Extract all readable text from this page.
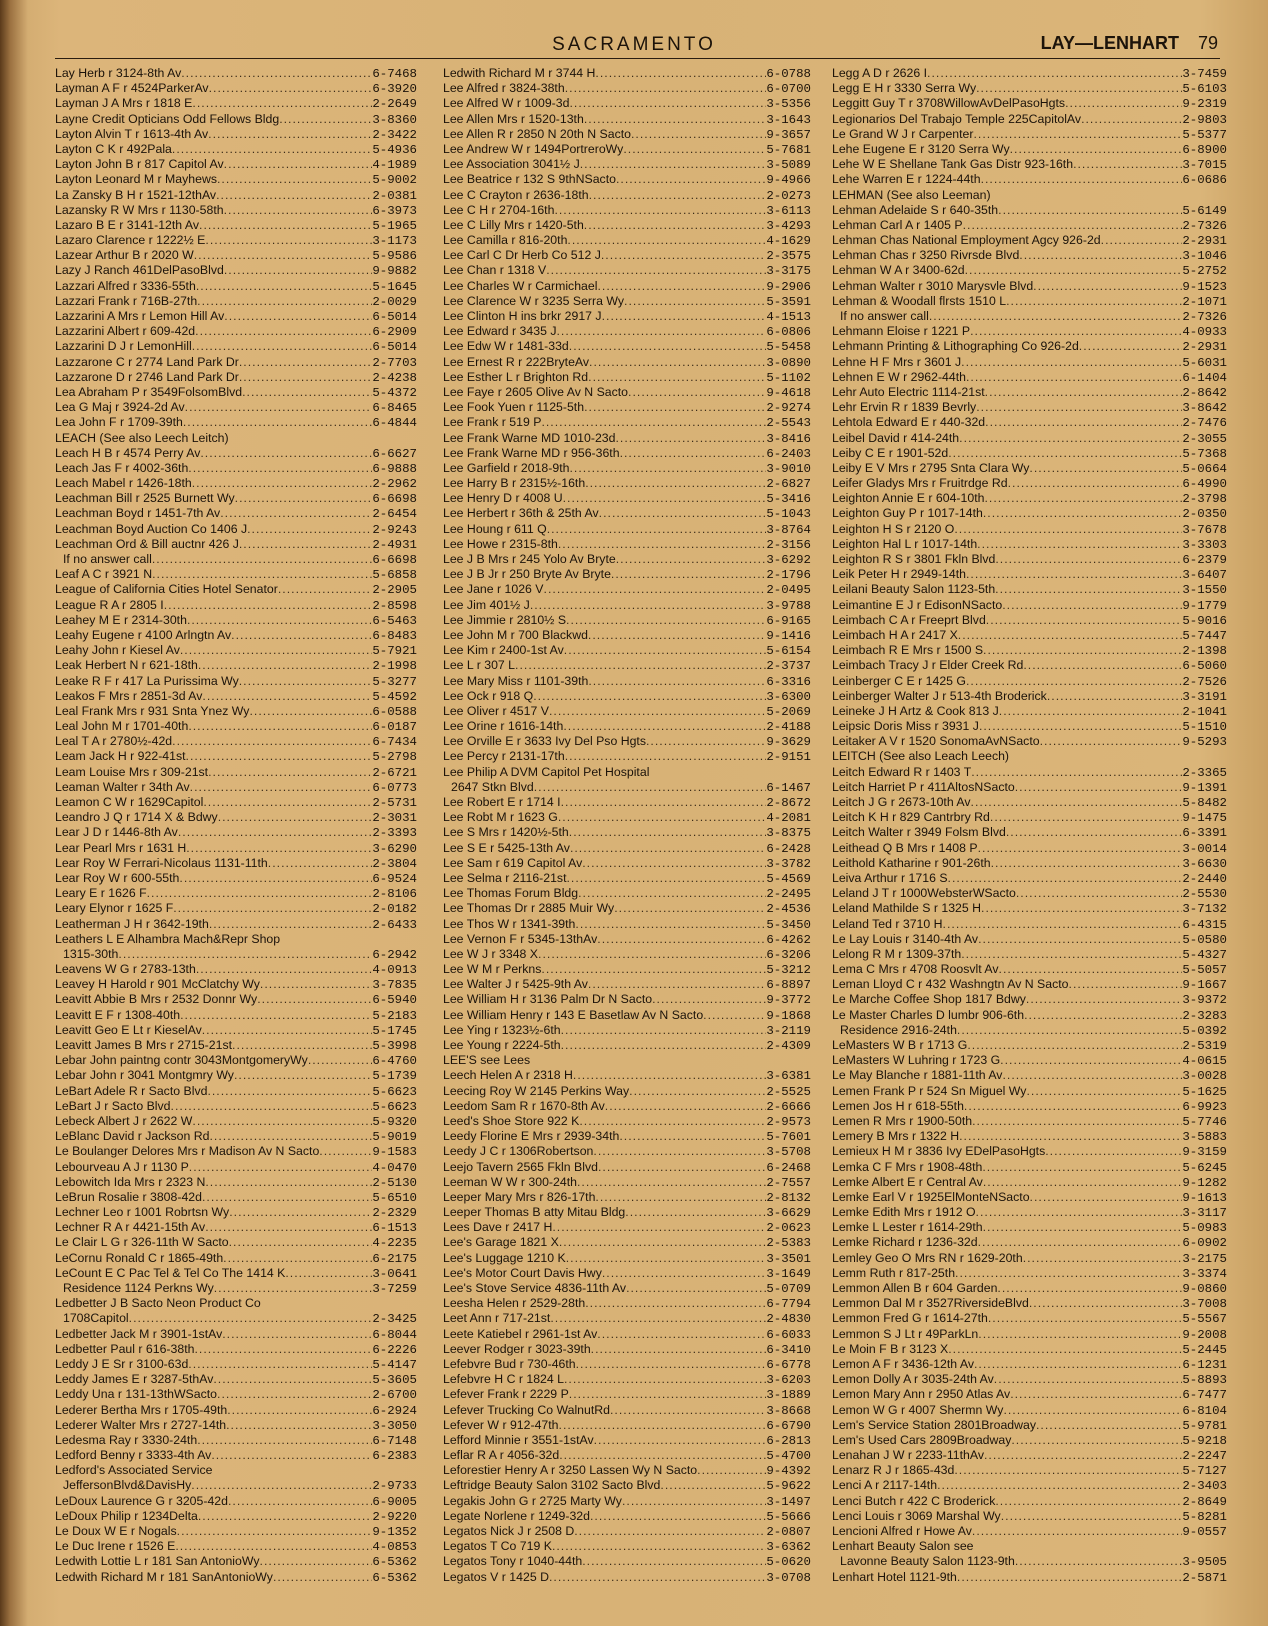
SACRAMENTO	LAY—LENHART 79
Lay Herb r 3124-8th Av . . .	6-7468
Layman A F r 4524ParkerAv . . .	6-3920
Layman J A Mrs r 1818 E . . .	2-2649
Layne Credit Opticians Odd Fellows Bldg . . .	3-8360
Layton Alvin T r 1613-4th Av . . .	2-3422
Layton C K r 492Pala . . .	5-4936
Layton John B r 817 Capitol Av . . .	4-1989
Layton Leonard M r Mayhews . . .	5-9002
La Zansky B H r 1521-12thAv . . .	2-0381
Lazansky R W Mrs r 1130-58th . . .	6-3973
Lazaro B E r 3141-12th Av . . .	5-1965
Lazaro Clarence r 1222½ E . . .	3-1173
Lazear Arthur B r 2020 W . . .	5-9586
Lazy J Ranch 461DelPasoBlvd . . .	9-9882
Lazzari Alfred r 3336-55th . . .	5-1645
Lazzari Frank r 716B-27th . . .	2-0029
Lazzarini A Mrs r Lemon Hill Av . . .	6-5014
Lazzarini Albert r 609-42d . . .	6-2909
Lazzarini D J r LemonHill . . .	6-5014
Lazzarone C r 2774 Land Park Dr . . .	2-7703
Lazzarone D r 2746 Land Park Dr . . .	2-4238
Lea Abraham P r 3549FolsomBlvd . . .	5-4372
Lea G Maj r 3924-2d Av . . .	6-8465
Lea John F r 1709-39th . . .	6-4844
LEACH (See also Leech Leitch)
Leach H B r 4574 Perry Av . . .	6-6627
Leach Jas F r 4002-36th . . .	6-9888
Leach Mabel r 1426-18th . . .	2-2962
Leachman Bill r 2525 Burnett Wy . . .	6-6698
Leachman Boyd r 1451-7th Av . . .	2-6454
Leachman Boyd Auction Co 1406 J . . .	2-9243
Leachman Ord & Bill auctnr 426 J . . .	2-4931
If no answer call . . .	6-6698
Leaf A C r 3921 N . . .	5-6858
League of California Cities Hotel Senator . . .	2-2905
League R A r 2805 I . . .	2-8598
Leahey M E r 2314-30th . . .	6-5463
Leahy Eugene r 4100 Arlngtn Av . . .	6-8483
Leahy John r Kiesel Av . . .	5-7921
Leak Herbert N r 621-18th . . .	2-1998
Leake R F r 417 La Purissima Wy . . .	5-3277
Leakos F Mrs r 2851-3d Av . . .	5-4592
Leal Frank Mrs r 931 Snta Ynez Wy . . .	6-0588
Leal John M r 1701-40th . . .	6-0187
Leal T A r 2780½-42d . . .	6-7434
Leam Jack H r 922-41st . . .	5-2798
Leam Louise Mrs r 309-21st . . .	2-6721
Leaman Walter r 34th Av . . .	6-0773
Leamon C W r 1629Capitol . . .	2-5731
Leandro J Q r 1714 X & Bdwy . . .	2-3031
Lear J D r 1446-8th Av . . .	2-3393
Lear Pearl Mrs r 1631 H . . .	3-6290
Lear Roy W Ferrari-Nicolaus 1131-11th . . .	2-3804
Lear Roy W r 600-55th . . .	6-9524
Leary E r 1626 F . . .	2-8106
Leary Elynor r 1625 F . . .	2-0182
Leatherman J H r 3642-19th . . .	2-6433
Leathers L E Alhambra Mach&Repr Shop
1315-30th . . .	6-2942
Leavens W G r 2783-13th . . .	4-0913
Leavey H Harold r 901 McClatchy Wy . . .	3-7835
Leavitt Abbie B Mrs r 2532 Donnr Wy . . .	6-5940
Leavitt E F r 1308-40th . . .	5-2183
Leavitt Geo E Lt r KieselAv . . .	5-1745
Leavitt James B Mrs r 2715-21st . . .	5-3998
Lebar John paintng contr 3043MontgomeryWy . . .	6-4760
Lebar John r 3041 Montgmry Wy . . .	5-1739
LeBart Adele R r Sacto Blvd . . .	5-6623
LeBart J r Sacto Blvd . . .	5-6623
Lebeck Albert J r 2622 W . . .	5-9320
LeBlanc David r Jackson Rd . . .	5-9019
Le Boulanger Delores Mrs r Madison Av N Sacto . . .	9-1583
Lebourveau A J r 1130 P . . .	4-0470
Lebowitch Ida Mrs r 2323 N . . .	2-5130
LeBrun Rosalie r 3808-42d . . .	5-6510
Lechner Leo r 1001 Robrtsn Wy . . .	2-2329
Lechner R A r 4421-15th Av . . .	6-1513
Le Clair L G r 326-11th W Sacto . . .	4-2235
LeCornu Ronald C r 1865-49th . . .	6-2175
LeCount E C Pac Tel & Tel Co The 1414 K . . .	3-0641
Residence 1124 Perkns Wy . . .	3-7259
Ledbetter J B Sacto Neon Product Co
1708Capitol . . .	2-3425
Ledbetter Jack M r 3901-1stAv . . .	6-8044
Ledbetter Paul r 616-38th . . .	6-2226
Leddy J E Sr r 3100-63d . . .	5-4147
Leddy James E r 3287-5thAv . . .	5-3605
Leddy Una r 131-13thWSacto . . .	2-6700
Lederer Bertha Mrs r 1705-49th . . .	6-2924
Lederer Walter Mrs r 2727-14th . . .	3-3050
Ledesma Ray r 3330-24th . . .	6-7148
Ledford Benny r 3333-4th Av . . .	6-2383
Ledford's Associated Service
JeffersonBlvd&DavisHy . . .	2-9733
LeDoux Laurence G r 3205-42d . . .	6-9005
LeDoux Philip r 1234Delta . . .	2-9220
Le Doux W E r Nogals . . .	9-1352
Le Duc Irene r 1526 E . . .	4-0853
Ledwith Lottie L r 181 San AntonioWy . . .	6-5362
Ledwith Richard M r 181 SanAntonioWy . . .	6-5362
Ledwith Richard M r 3744 H . . .	6-0788
Lee Alfred r 3824-38th . . .	6-0700
Lee Alfred W r 1009-3d . . .	3-5356
Lee Allen Mrs r 1520-13th . . .	3-1643
Lee Allen R r 2850 N 20th N Sacto . . .	9-3657
Lee Andrew W r 1494PortreroWy . . .	5-7681
Lee Association 3041½ J . . .	3-5089
Lee Beatrice r 132 S 9thNSacto . . .	9-4966
Lee C Crayton r 2636-18th . . .	2-0273
Lee C H r 2704-16th . . .	3-6113
Lee C Lilly Mrs r 1420-5th . . .	3-4293
Lee Camilla r 816-20th . . .	4-1629
Lee Carl C Dr Herb Co 512 J . . .	2-3575
Lee Chan r 1318 V . . .	3-3175
Lee Charles W r Carmichael . . .	9-2906
Lee Clarence W r 3235 Serra Wy . . .	5-3591
Lee Clinton H ins brkr 2917 J . . .	4-1513
Lee Edward r 3435 J . . .	6-0806
Lee Edw W r 1481-33d . . .	5-5458
Lee Ernest R r 222BryteAv . . .	3-0890
Lee Esther L r Brighton Rd . . .	5-1102
Lee Faye r 2605 Olive Av N Sacto . . .	9-4618
Lee Fook Yuen r 1125-5th . . .	2-9274
Lee Frank r 519 P . . .	2-5543
Lee Frank Warne MD 1010-23d . . .	3-8416
Lee Frank Warne MD r 956-36th . . .	6-2403
Lee Garfield r 2018-9th . . .	3-9010
Lee Harry B r 2315½-16th . . .	2-6827
Lee Henry D r 4008 U . . .	5-3416
Lee Herbert r 36th & 25th Av . . .	5-1043
Lee Houng r 611 Q . . .	3-8764
Lee Howe r 2315-8th . . .	2-3156
Lee J B Mrs r 245 Yolo Av Bryte . . .	3-6292
Lee J B Jr r 250 Bryte Av Bryte . . .	2-1796
Lee Jane r 1026 V . . .	2-0495
Lee Jim 401½ J . . .	3-9788
Lee Jimmie r 2810½ S . . .	6-9165
Lee John M r 700 Blackwd . . .	9-1416
Lee Kim r 2400-1st Av . . .	5-6154
Lee L r 307 L . . .	2-3737
Lee Mary Miss r 1101-39th . . .	6-3316
Lee Ock r 918 Q . . .	3-6300
Lee Oliver r 4517 V . . .	5-2069
Lee Orine r 1616-14th . . .	2-4188
Lee Orville E r 3633 Ivy Del Pso Hgts . . .	9-3629
Lee Percy r 2131-17th . . .	2-9151
Lee Philip A DVM Capitol Pet Hospital
2647 Stkn Blvd . . .	6-1467
Lee Robert E r 1714 I . . .	2-8672
Lee Robt M r 1623 G . . .	4-2081
Lee S Mrs r 1420½-5th . . .	3-8375
Lee S E r 5425-13th Av . . .	6-2428
Lee Sam r 619 Capitol Av . . .	3-3782
Lee Selma r 2116-21st . . .	5-4569
Lee Thomas Forum Bldg . . .	2-2495
Lee Thomas Dr r 2885 Muir Wy . . .	2-4536
Lee Thos W r 1341-39th . . .	5-3450
Lee Vernon F r 5345-13thAv . . .	6-4262
Lee W J r 3348 X . . .	6-3206
Lee W M r Perkns . . .	5-3212
Lee Walter J r 5425-9th Av . . .	6-8897
Lee William H r 3136 Palm Dr N Sacto . . .	9-3772
Lee William Henry r 143 E Basetlaw Av N Sacto . . .	9-1868
Lee Ying r 1323½-6th . . .	3-2119
Lee Young r 2224-5th . . .	2-4309
LEE'S see Lees
Leech Helen A r 2318 H . . .	3-6381
Leecing Roy W 2145 Perkins Way . . .	2-5525
Leedom Sam R r 1670-8th Av . . .	2-6666
Leed's Shoe Store 922 K . . .	2-9573
Leedy Florine E Mrs r 2939-34th . . .	5-7601
Leedy J C r 1306Robertson . . .	3-5708
Leejo Tavern 2565 Fkln Blvd . . .	6-2468
Leeman W W r 300-24th . . .	2-7557
Leeper Mary Mrs r 826-17th . . .	2-8132
Leeper Thomas B atty Mitau Bldg . . .	3-6629
Lees Dave r 2417 H . . .	2-0623
Lee's Garage 1821 X . . .	2-5383
Lee's Luggage 1210 K . . .	3-3501
Lee's Motor Court Davis Hwy . . .	3-1649
Lee's Stove Service 4836-11th Av . . .	5-0709
Leesha Helen r 2529-28th . . .	6-7794
Leet Ann r 717-21st . . .	2-4830
Leete Katiebel r 2961-1st Av . . .	6-6033
Leever Rodger r 3023-39th . . .	6-3410
Lefebvre Bud r 730-46th . . .	6-6778
Lefebvre H C r 1824 L . . .	3-6203
Lefever Frank r 2229 P . . .	3-1889
Lefever Trucking Co WalnutRd . . .	3-8668
Lefever W r 912-47th . . .	6-6790
Lefford Minnie r 3551-1stAv . . .	6-2813
Leflar R A r 4056-32d . . .	5-4700
Leforestier Henry A r 3250 Lassen Wy N Sacto . . .	9-4392
Leftridge Beauty Salon 3102 Sacto Blvd . . .	5-9622
Legakis John G r 2725 Marty Wy . . .	3-1497
Legate Norlene r 1249-32d . . .	5-5666
Legatos Nick J r 2508 D . . .	2-0807
Legatos T Co 719 K . . .	3-6362
Legatos Tony r 1040-44th . . .	5-0620
Legatos V r 1425 D . . .	3-0708
Legg A D r 2626 I . . .	3-7459
Legg E H r 3330 Serra Wy . . .	5-6103
Leggitt Guy T r 3708WillowAvDelPasoHgts . . .	9-2319
Legionarios Del Trabajo Temple 225CapitolAv . . .	2-9803
Le Grand W J r Carpenter . . .	5-5377
Lehe Eugene E r 3120 Serra Wy . . .	6-8900
Lehe W E Shellane Tank Gas Distr 923-16th . . .	3-7015
Lehe Warren E r 1224-44th . . .	6-0686
LEHMAN (See also Leeman)
Lehman Adelaide S r 640-35th . . .	5-6149
Lehman Carl A r 1405 P . . .	2-7326
Lehman Chas National Employment Agcy 926-2d . . .	2-2931
Lehman Chas r 3250 Rivrsde Blvd . . .	3-1046
Lehman W A r 3400-62d . . .	5-2752
Lehman Walter r 3010 Marysvle Blvd . . .	9-1523
Lehman & Woodall flrsts 1510 L . . .	2-1071
If no answer call . . .	2-7326
Lehmann Eloise r 1221 P . . .	4-0933
Lehmann Printing & Lithographing Co 926-2d . . .	2-2931
Lehne H F Mrs r 3601 J . . .	5-6031
Lehnen E W r 2962-44th . . .	6-1404
Lehr Auto Electric 1114-21st . . .	2-8642
Lehr Ervin R r 1839 Bevrly . . .	3-8642
Lehtola Edward E r 440-32d . . .	2-7476
Leibel David r 414-24th . . .	2-3055
Leiby C E r 1901-52d . . .	5-7368
Leiby E V Mrs r 2795 Snta Clara Wy . . .	5-0664
Leifer Gladys Mrs r Fruitrdge Rd . . .	6-4990
Leighton Annie E r 604-10th . . .	2-3798
Leighton Guy P r 1017-14th . . .	2-0350
Leighton H S r 2120 O . . .	3-7678
Leighton Hal L r 1017-14th . . .	3-3303
Leighton R S r 3801 Fkln Blvd . . .	6-2379
Leik Peter H r 2949-14th . . .	3-6407
Leilani Beauty Salon 1123-5th . . .	3-1550
Leimantine E J r EdisonNSacto . . .	9-1779
Leimbach C A r Freeprt Blvd . . .	5-9016
Leimbach H A r 2417 X . . .	5-7447
Leimbach R E Mrs r 1500 S . . .	2-1398
Leimbach Tracy J r Elder Creek Rd . . .	6-5060
Leinberger C E r 1425 G . . .	2-7526
Leinberger Walter J r 513-4th Broderick . . .	3-3191
Leineke J H Artz & Cook 813 J . . .	2-1041
Leipsic Doris Miss r 3931 J . . .	5-1510
Leitaker A V r 1520 SonomaAvNSacto . . .	9-5293
LEITCH (See also Leach Leech)
Leitch Edward R r 1403 T . . .	2-3365
Leitch Harriet P r 411AltosNSacto . . .	9-1391
Leitch J G r 2673-10th Av . . .	5-8482
Leitch K H r 829 Cantrbry Rd . . .	9-1475
Leitch Walter r 3949 Folsm Blvd . . .	6-3391
Leithead Q B Mrs r 1408 P . . .	3-0014
Leithold Katharine r 901-26th . . .	3-6630
Leiva Arthur r 1716 S . . .	2-2440
Leland J T r 1000WebsterWSacto . . .	2-5530
Leland Mathilde S r 1325 H . . .	3-7132
Leland Ted r 3710 H . . .	6-4315
Le Lay Louis r 3140-4th Av . . .	5-0580
Lelong R M r 1309-37th . . .	5-4327
Lema C Mrs r 4708 Roosvlt Av . . .	5-5057
Leman Lloyd C r 432 Washngtn Av N Sacto . . .	9-1667
Le Marche Coffee Shop 1817 Bdwy . . .	3-9372
Le Master Charles D lumbr 906-6th . . .	2-3283
Residence 2916-24th . . .	5-0392
LeMasters W B r 1713 G . . .	2-5319
LeMasters W Luhring r 1723 G . . .	4-0615
Le May Blanche r 1881-11th Av . . .	3-0028
Lemen Frank P r 524 Sn Miguel Wy . . .	5-1625
Lemen Jos H r 618-55th . . .	6-9923
Lemen R Mrs r 1900-50th . . .	5-7746
Lemery B Mrs r 1322 H . . .	3-5883
Lemieux H M r 3836 Ivy EDelPasoHgts . . .	9-3159
Lemka C F Mrs r 1908-48th . . .	5-6245
Lemke Albert E r Central Av . . .	9-1282
Lemke Earl V r 1925ElMonteNSacto . . .	9-1613
Lemke Edith Mrs r 1912 O . . .	3-3117
Lemke L Lester r 1614-29th . . .	5-0983
Lemke Richard r 1236-32d . . .	6-0902
Lemley Geo O Mrs RN r 1629-20th . . .	3-2175
Lemm Ruth r 817-25th . . .	3-3374
Lemmon Allen B r 604 Garden . . .	9-0860
Lemmon Dal M r 3527RiversideBlvd . . .	3-7008
Lemmon Fred G r 1614-27th . . .	5-5567
Lemmon S J Lt r 49ParkLn . . .	9-2008
Le Moin F B r 3123 X . . .	5-2445
Lemon A F r 3436-12th Av . . .	6-1231
Lemon Dolly A r 3035-24th Av . . .	5-8893
Lemon Mary Ann r 2950 Atlas Av . . .	6-7477
Lemon W G r 4007 Shermn Wy . . .	6-8104
Lem's Service Station 2801Broadway . . .	5-9781
Lem's Used Cars 2809Broadway . . .	5-9218
Lenahan J W r 2233-11thAv . . .	2-2247
Lenarz R J r 1865-43d . . .	5-7127
Lenci A r 2117-14th . . .	2-3403
Lenci Butch r 422 C Broderick . . .	2-8649
Lenci Louis r 3069 Marshal Wy . . .	5-8281
Lencioni Alfred r Howe Av . . .	9-0557
Lenhart Beauty Salon see
Lavonne Beauty Salon 1123-9th . . .	3-9505
Lenhart Hotel 1121-9th . . .	2-5871
